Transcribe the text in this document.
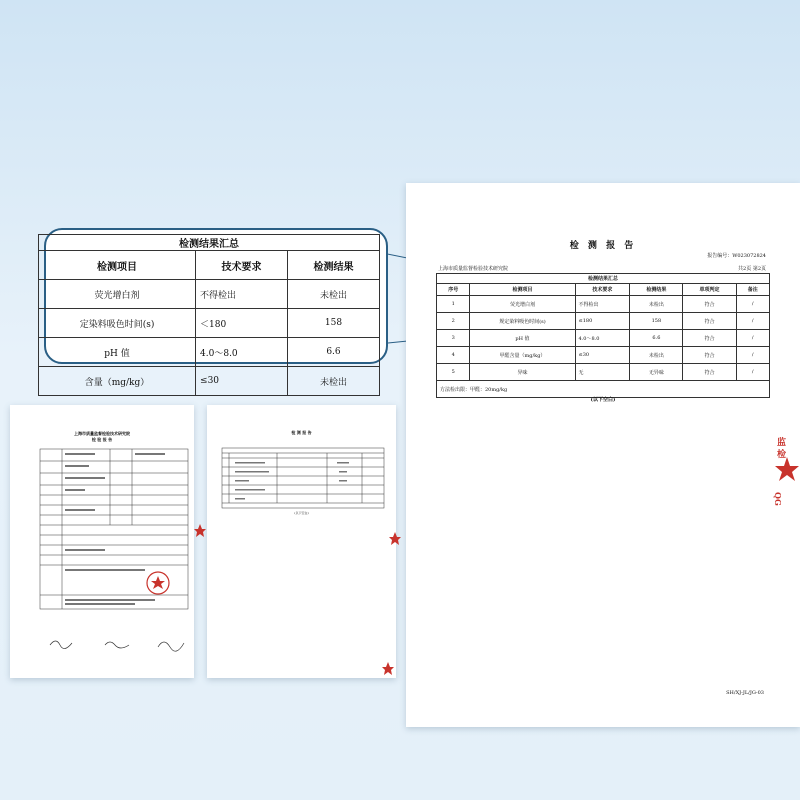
检 测 报 告
报告编号：W023072824
上海市质量监督检验技术研究院	共2页 第2页
检测结果汇总					
序号	检测项目	技术要求	检测结果	单项判定	备注
1	荧光增白剂	不得检出	未检出	符合	/
2	规定染料吸色时间(s)	≤180	158	符合	/
3	pH 值	4.0～8.0	6.6	符合	/
4	甲醛含量（mg/kg）	≤30	未检出	符合	/
5	异味	无	无异味	符合	/
方法检出限：甲醛：20mg/kg					
(以下空白)
监
检
QG
SH/XJ-JL/JG-03
检测结果汇总		
检测项目	技术要求	检测结果
荧光增白剂	不得检出	未检出
定染料吸色时间(s)	＜180	158
pH 值	4.0～8.0	6.6
含量（mg/kg）	≤30	未检出
上海市质量监督检验技术研究院
检 验 报 告
检 测 报 告
(以下空白)
